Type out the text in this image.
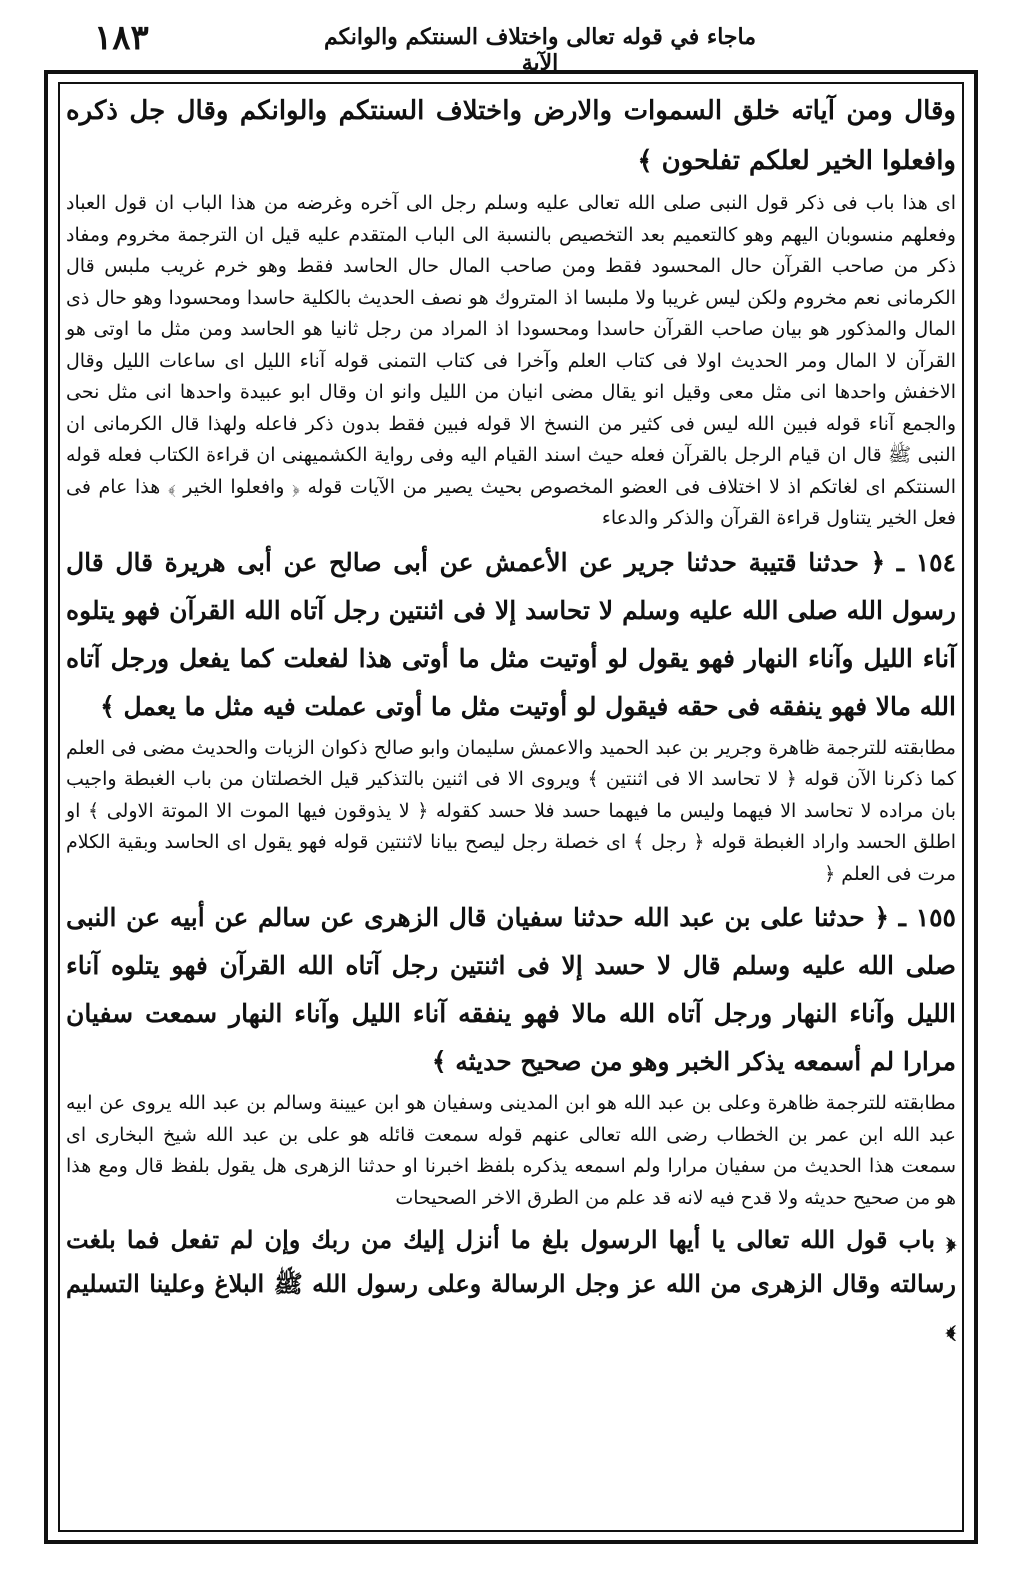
١٨٣	ماجاء في قوله تعالى واختلاف السنتكم والوانكم الآية

وقال ومن آياته خلق السموات والارض واختلاف السنتكم والوانكم وقال جل ذكره وافعلوا الخير لعلكم تفلحون ﴾

اى هذا باب فى ذكر قول النبى صلى الله تعالى عليه وسلم رجل الى آخره وغرضه من هذا الباب ان قول العباد وفعلهم منسوبان اليهم وهو كالتعميم بعد التخصيص بالنسبة الى الباب المتقدم عليه قيل ان الترجمة مخروم ومفاد ذكر من صاحب القرآن حال المحسود فقط ومن صاحب المال حال الحاسد فقط وهو خرم غريب ملبس قال الكرمانى نعم مخروم ولكن ليس غريبا ولا ملبسا اذ المتروك هو نصف الحديث بالكلية حاسدا ومحسودا وهو حال ذى المال والمذكور هو بيان صاحب القرآن حاسدا ومحسودا اذ المراد من رجل ثانيا هو الحاسد ومن مثل ما اوتى هو القرآن لا المال ومر الحديث اولا فى كتاب العلم وآخرا فى كتاب التمنى قوله آناء الليل اى ساعات الليل وقال الاخفش واحدها انى مثل معى وقيل انو يقال مضى انيان من الليل وانو ان وقال ابو عبيدة واحدها انى مثل نحى والجمع آناء قوله فبين الله ليس فى كثير من النسخ الا قوله فبين فقط بدون ذكر فاعله ولهذا قال الكرمانى ان النبى ﷺ قال ان قيام الرجل بالقرآن فعله حيث اسند القيام اليه وفى رواية الكشميهنى ان قراءة الكتاب فعله قوله السنتكم اى لغاتكم اذ لا اختلاف فى العضو المخصوص بحيث يصير من الآيات قوله ﴿ وافعلوا الخير ﴾ هذا عام فى فعل الخير يتناول قراءة القرآن والذكر والدعاء

١٥٤ ـ ﴿ حدثنا قتيبة حدثنا جرير عن الأعمش عن أبى صالح عن أبى هريرة قال قال رسول الله صلى الله عليه وسلم لا تحاسد إلا فى اثنتين رجل آتاه الله القرآن فهو يتلوه آناء الليل وآناء النهار فهو يقول لو أوتيت مثل ما أوتى هذا لفعلت كما يفعل ورجل آتاه الله مالا فهو ينفقه فى حقه فيقول لو أوتيت مثل ما أوتى عملت فيه مثل ما يعمل ﴾

مطابقته للترجمة ظاهرة وجرير بن عبد الحميد والاعمش سليمان وابو صالح ذكوان الزيات والحديث مضى فى العلم كما ذكرنا الآن قوله ﴿ لا تحاسد الا فى اثنتين ﴾ ويروى الا فى اثنين بالتذكير قيل الخصلتان من باب الغبطة واجيب بان مراده لا تحاسد الا فيهما وليس ما فيهما حسد فلا حسد كقوله ﴿ لا يذوقون فيها الموت الا الموتة الاولى ﴾ او اطلق الحسد واراد الغبطة قوله ﴿ رجل ﴾ اى خصلة رجل ليصح بيانا لاثنتين قوله فهو يقول اى الحاسد وبقية الكلام مرت فى العلم ﴿

١٥٥ ـ ﴿ حدثنا على بن عبد الله حدثنا سفيان قال الزهرى عن سالم عن أبيه عن النبى صلى الله عليه وسلم قال لا حسد إلا فى اثنتين رجل آتاه الله القرآن فهو يتلوه آناء الليل وآناء النهار ورجل آتاه الله مالا فهو ينفقه آناء الليل وآناء النهار سمعت سفيان مرارا لم أسمعه يذكر الخبر وهو من صحيح حديثه ﴾

مطابقته للترجمة ظاهرة وعلى بن عبد الله هو ابن المدينى وسفيان هو ابن عيينة وسالم بن عبد الله يروى عن ابيه عبد الله ابن عمر بن الخطاب رضى الله تعالى عنهم قوله سمعت قائله هو على بن عبد الله شيخ البخارى اى سمعت هذا الحديث من سفيان مرارا ولم اسمعه يذكره بلفظ اخبرنا او حدثنا الزهرى هل يقول بلفظ قال ومع هذا هو من صحيح حديثه ولا قدح فيه لانه قد علم من الطرق الاخر الصحيحات

﴿ باب قول الله تعالى يا أيها الرسول بلغ ما أنزل إليك من ربك وإن لم تفعل فما بلغت رسالته وقال الزهرى من الله عز وجل الرسالة وعلى رسول الله ﷺ البلاغ وعلينا التسليم ﴾
